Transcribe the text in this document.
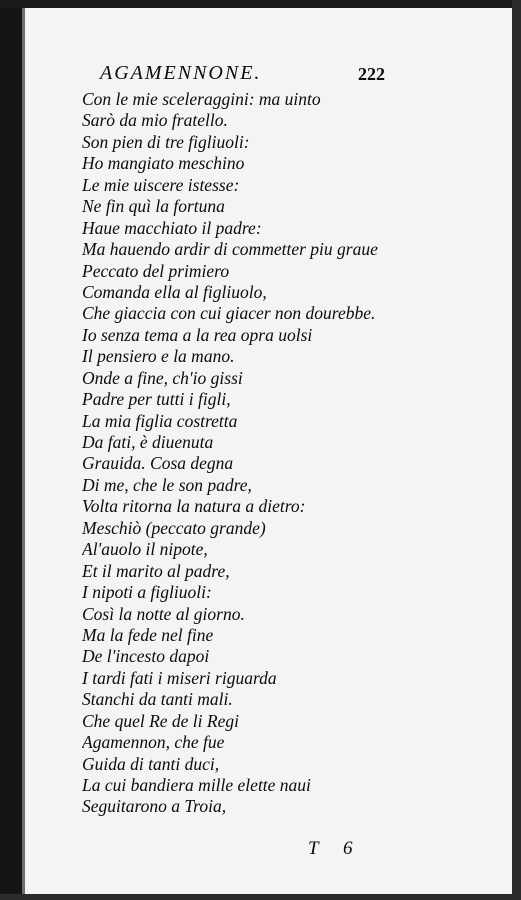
AGAMENNONE.	222
Con le mie sceleraggini: ma uinto
Sarò da mio fratello.
Son pien di tre figliuoli:
Ho mangiato meschino
Le mie uiscere istesse:
Ne fin quì la fortuna
Haue macchiato il padre:
Ma hauendo ardir di commetter piu graue
Peccato del primiero
Comanda ella al figliuolo,
Che giaccia con cui giacer non dourebbe.
Io senza tema a la rea opra uolsi
Il pensiero e la mano.
Onde a fine, ch'io gissi
Padre per tutti i figli,
La mia figlia costretta
Da fati, è diuenuta
Grauida. Cosa degna
Di me, che le son padre,
Volta ritorna la natura a dietro:
Meschiò (peccato grande)
Al'auolo il nipote,
Et il marito al padre,
I nipoti a figliuoli:
Così la notte al giorno.
Ma la fede nel fine
De l'incesto dapoi
I tardi fati i miseri riguarda
Stanchi da tanti mali.
Che quel Re de li Regi
Agamennon, che fue
Guida di tanti duci,
La cui bandiera mille elette naui
Seguitarono a Troia,
T 6
